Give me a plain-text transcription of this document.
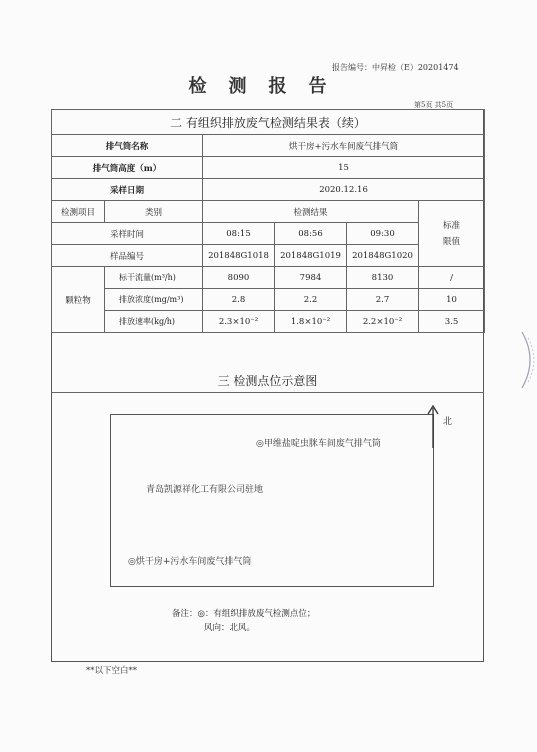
报告编号：中昇检（E）20201474
检测报告
第5页 共5页
二 有组织排放废气检测结果表（续）					
排气筒名称		烘干房+污水车间废气排气筒			
排气筒高度（m）		15			
采样日期		2020.12.16			
检测项目	类别	检测结果			标准
限值
采样时间		08:15	08:56	09:30	
样品编号		201848G1018	201848G1019	201848G1020	
颗粒物	标干流量(m³/h)	8090	7984	8130	/
	排放浓度(mg/m³)	2.8	2.2	2.7	10
	排放速率(kg/h)	2.3×10⁻²	1.8×10⁻²	2.2×10⁻²	3.5
三 检测点位示意图
◎甲维盐啶虫脒车间废气排气筒
青岛凯源祥化工有限公司驻地
◎烘干房+污水车间废气排气筒
北
备注：◎：有组织排放废气检测点位；
风向：北风。
**以下空白**
